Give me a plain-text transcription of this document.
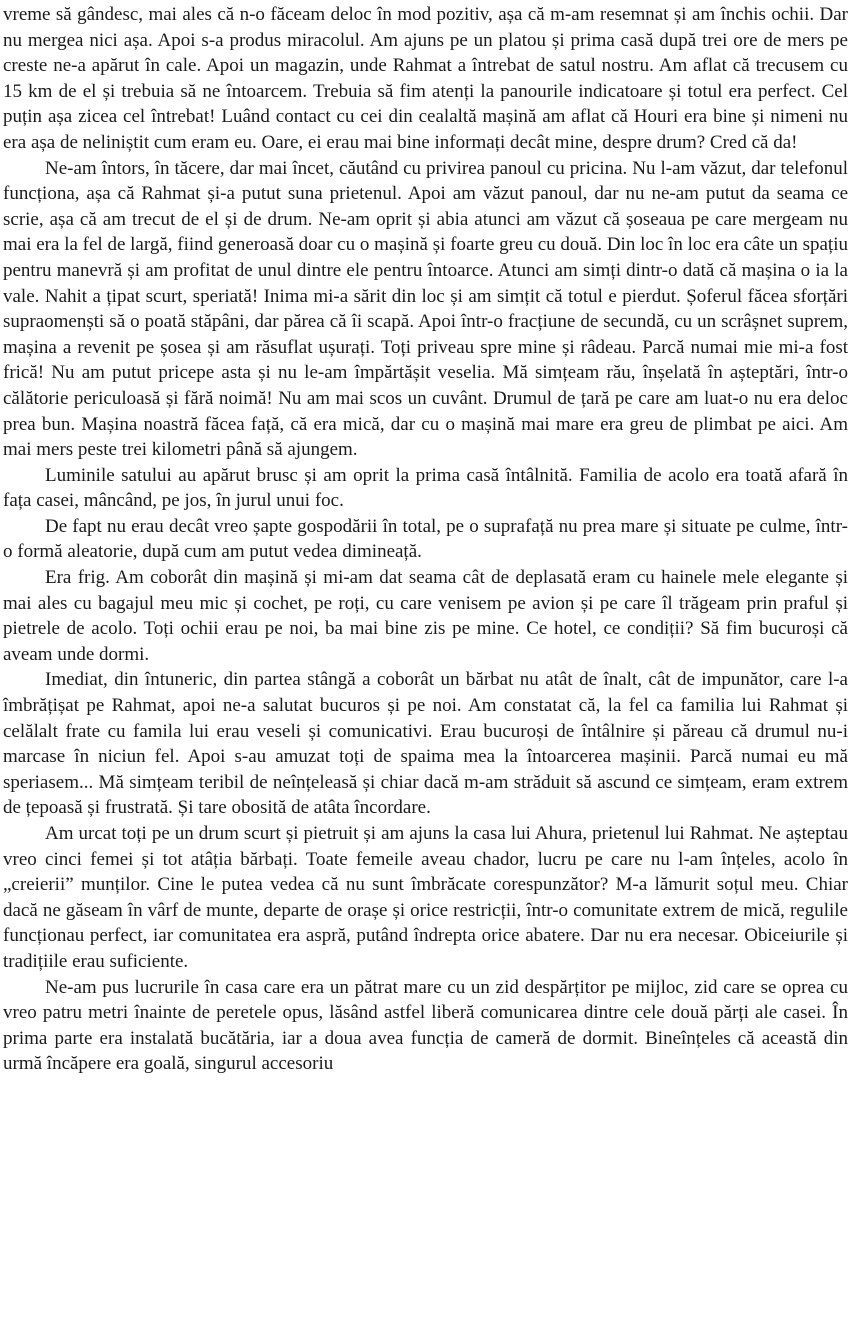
vreme să gândesc, mai ales că n-o făceam deloc în mod pozitiv, așa că m-am resemnat și am închis ochii. Dar nu mergea nici așa. Apoi s-a produs miracolul. Am ajuns pe un platou și prima casă după trei ore de mers pe creste ne-a apărut în cale. Apoi un magazin, unde Rahmat a întrebat de satul nostru. Am aflat că trecusem cu 15 km de el și trebuia să ne întoarcem. Trebuia să fim atenți la panourile indicatoare și totul era perfect. Cel puțin așa zicea cel întrebat! Luând contact cu cei din cealaltă mașină am aflat că Houri era bine și nimeni nu era așa de neliniștit cum eram eu. Oare, ei erau mai bine informați decât mine, despre drum? Cred că da!

Ne-am întors, în tăcere, dar mai încet, căutând cu privirea panoul cu pricina. Nu l-am văzut, dar telefonul funcționa, așa că Rahmat și-a putut suna prietenul. Apoi am văzut panoul, dar nu ne-am putut da seama ce scrie, așa că am trecut de el și de drum. Ne-am oprit și abia atunci am văzut că șoseaua pe care mergeam nu mai era la fel de largă, fiind generoasă doar cu o mașină și foarte greu cu două. Din loc în loc era câte un spațiu pentru manevră și am profitat de unul dintre ele pentru întoarce. Atunci am simți dintr-o dată că mașina o ia la vale. Nahit a țipat scurt, speriată! Inima mi-a sărit din loc și am simțit că totul e pierdut. Șoferul făcea sforțări supraomenști să o poată stăpâni, dar părea că îi scapă. Apoi într-o fracțiune de secundă, cu un scrâșnet suprem, mașina a revenit pe șosea și am răsuflat ușurați. Toți priveau spre mine și râdeau. Parcă numai mie mi-a fost frică! Nu am putut pricepe asta și nu le-am împărtășit veselia. Mă simțeam rău, înșelată în așteptări, într-o călătorie periculoasă și fără noimă! Nu am mai scos un cuvânt. Drumul de țară pe care am luat-o nu era deloc prea bun. Mașina noastră făcea față, că era mică, dar cu o mașină mai mare era greu de plimbat pe aici. Am mai mers peste trei kilometri până să ajungem.

Luminile satului au apărut brusc și am oprit la prima casă întâlnită. Familia de acolo era toată afară în fața casei, mâncând, pe jos, în jurul unui foc.

De fapt nu erau decât vreo șapte gospodării în total, pe o suprafață nu prea mare și situate pe culme, într-o formă aleatorie, după cum am putut vedea dimineață.

Era frig. Am coborât din mașină și mi-am dat seama cât de deplasată eram cu hainele mele elegante și mai ales cu bagajul meu mic și cochet, pe roți, cu care venisem pe avion și pe care îl trăgeam prin praful și pietrele de acolo. Toți ochii erau pe noi, ba mai bine zis pe mine. Ce hotel, ce condiții? Să fim bucuroși că aveam unde dormi.

Imediat, din întuneric, din partea stângă a coborât un bărbat nu atât de înalt, cât de impunător, care l-a îmbrățișat pe Rahmat, apoi ne-a salutat bucuros și pe noi. Am constatat că, la fel ca familia lui Rahmat și celălalt frate cu famila lui erau veseli și comunicativi. Erau bucuroși de întâlnire și păreau că drumul nu-i marcase în niciun fel. Apoi s-au amuzat toți de spaima mea la întoarcerea mașinii. Parcă numai eu mă speriasem... Mă simțeam teribil de neînțeleasă și chiar dacă m-am străduit să ascund ce simțeam, eram extrem de țepoasă și frustrată. Și tare obosită de atâta încordare.

Am urcat toți pe un drum scurt și pietruit și am ajuns la casa lui Ahura, prietenul lui Rahmat. Ne așteptau vreo cinci femei și tot atâția bărbați. Toate femeile aveau chador, lucru pe care nu l-am înțeles, acolo în „creierii” munților. Cine le putea vedea că nu sunt îmbrăcate corespunzător? M-a lămurit soțul meu. Chiar dacă ne găseam în vârf de munte, departe de orașe și orice restricții, într-o comunitate extrem de mică, regulile funcționau perfect, iar comunitatea era aspră, putând îndrepta orice abatere. Dar nu era necesar. Obiceiurile și tradițiile erau suficiente.

Ne-am pus lucrurile în casa care era un pătrat mare cu un zid despărțitor pe mijloc, zid care se oprea cu vreo patru metri înainte de peretele opus, lăsând astfel liberă comunicarea dintre cele două părți ale casei. În prima parte era instalată bucătăria, iar a doua avea funcția de cameră de dormit. Bineînțeles că această din urmă încăpere era goală, singurul accesoriu
